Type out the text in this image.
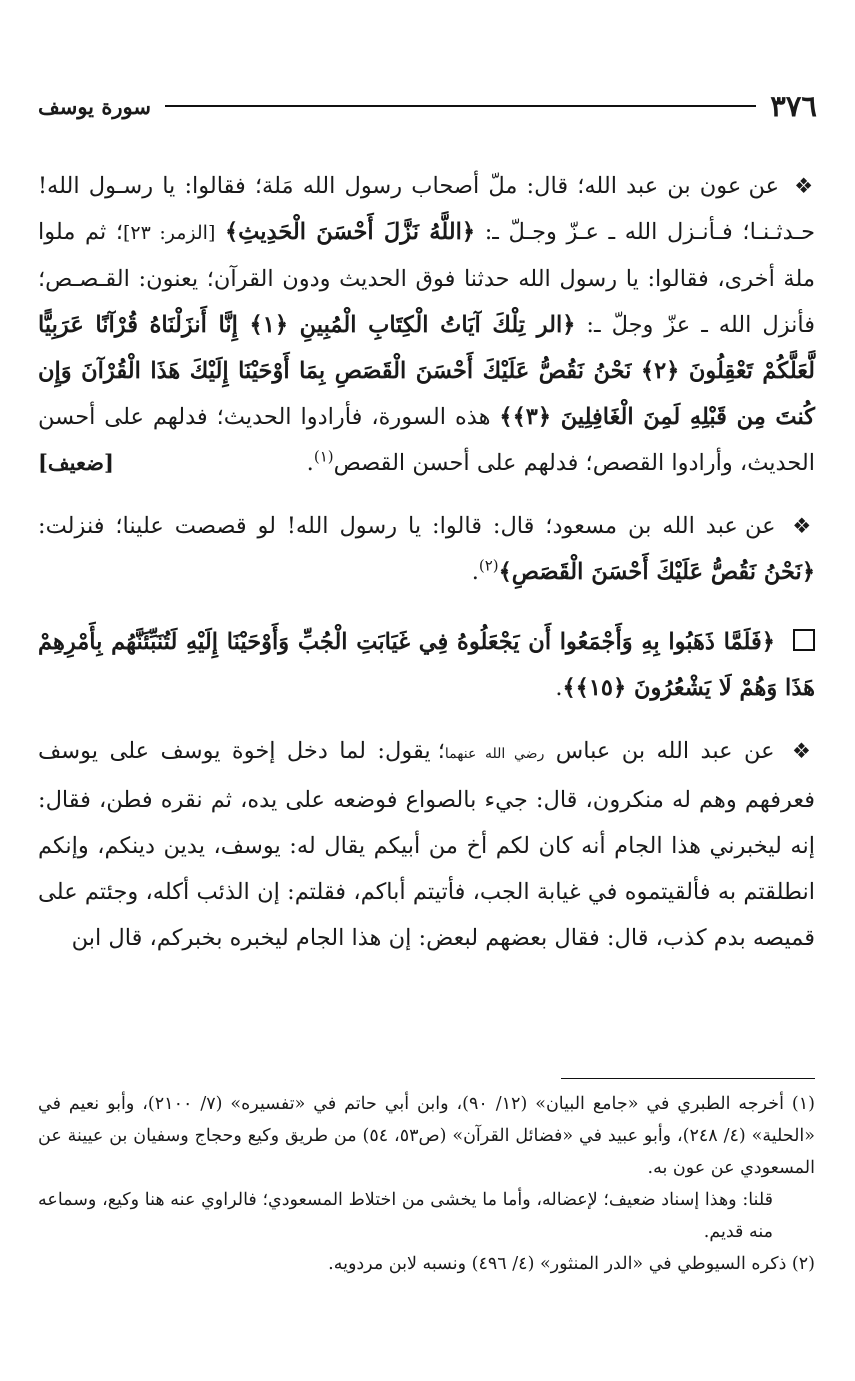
٣٧٦
سورة يوسف

❖ عن عون بن عبد الله؛ قال: ملّ أصحاب رسول الله مَلة؛ فقالوا: يا رسـول الله! حـدثـنـا؛ فـأنـزل الله ـ عـزّ وجـلّ ـ: ﴿اللَّهُ نَزَّلَ أَحْسَنَ الْحَدِيثِ﴾ [الزمر: ٢٣]؛ ثم ملوا ملة أخرى، فقالوا: يا رسول الله حدثنا فوق الحديث ودون القرآن؛ يعنون: القـصـص؛ فأنزل الله ـ عزّ وجلّ ـ: ﴿الر تِلْكَ آيَاتُ الْكِتَابِ الْمُبِينِ ﴿١﴾ إِنَّا أَنزَلْنَاهُ قُرْآنًا عَرَبِيًّا لَّعَلَّكُمْ تَعْقِلُونَ ﴿٢﴾ نَحْنُ نَقُصُّ عَلَيْكَ أَحْسَنَ الْقَصَصِ بِمَا أَوْحَيْنَا إِلَيْكَ هَذَا الْقُرْآنَ وَإِن كُنتَ مِن قَبْلِهِ لَمِنَ الْغَافِلِينَ ﴿٣﴾﴾ هذه السورة، فأرادوا الحديث؛ فدلهم على أحسن الحديث، وأرادوا القصص؛ فدلهم على أحسن القصص$^{(١)}$.
[ضعيف]

❖ عن عبد الله بن مسعود؛ قال: قالوا: يا رسول الله! لو قصصت علينا؛ فنزلت: ﴿نَحْنُ نَقُصُّ عَلَيْكَ أَحْسَنَ الْقَصَصِ﴾$^{(٢)}$.

﴿فَلَمَّا ذَهَبُوا بِهِ وَأَجْمَعُوا أَن يَجْعَلُوهُ فِي غَيَابَتِ الْجُبِّ وَأَوْحَيْنَا إِلَيْهِ لَتُنَبِّئَنَّهُم بِأَمْرِهِمْ هَذَا وَهُمْ لَا يَشْعُرُونَ ﴿١٥﴾﴾.

❖ عن عبد الله بن عباس رضي الله عنهما؛ يقول: لما دخل إخوة يوسف على يوسف فعرفهم وهم له منكرون، قال: جيء بالصواع فوضعه على يده، ثم نقره فطن، فقال: إنه ليخبرني هذا الجام أنه كان لكم أخ من أبيكم يقال له: يوسف، يدين دينكم، وإنكم انطلقتم به فألقيتموه في غيابة الجب، فأتيتم أباكم، فقلتم: إن الذئب أكله، وجئتم على قميصه بدم كذب، قال: فقال بعضهم لبعض: إن هذا الجام ليخبره بخبركم، قال ابن

(١) أخرجه الطبري في «جامع البيان» (١٢/ ٩٠)، وابن أبي حاتم في «تفسيره» (٧/ ٢١٠٠)، وأبو نعيم في «الحلية» (٤/ ٢٤٨)، وأبو عبيد في «فضائل القرآن» (ص٥٣، ٥٤) من طريق وكيع وحجاج وسفيان بن عيينة عن المسعودي عن عون به.

قلنا: وهذا إسناد ضعيف؛ لإعضاله، وأما ما يخشى من اختلاط المسعودي؛ فالراوي عنه هنا وكيع، وسماعه منه قديم.

(٢) ذكره السيوطي في «الدر المنثور» (٤/ ٤٩٦) ونسبه لابن مردويه.
